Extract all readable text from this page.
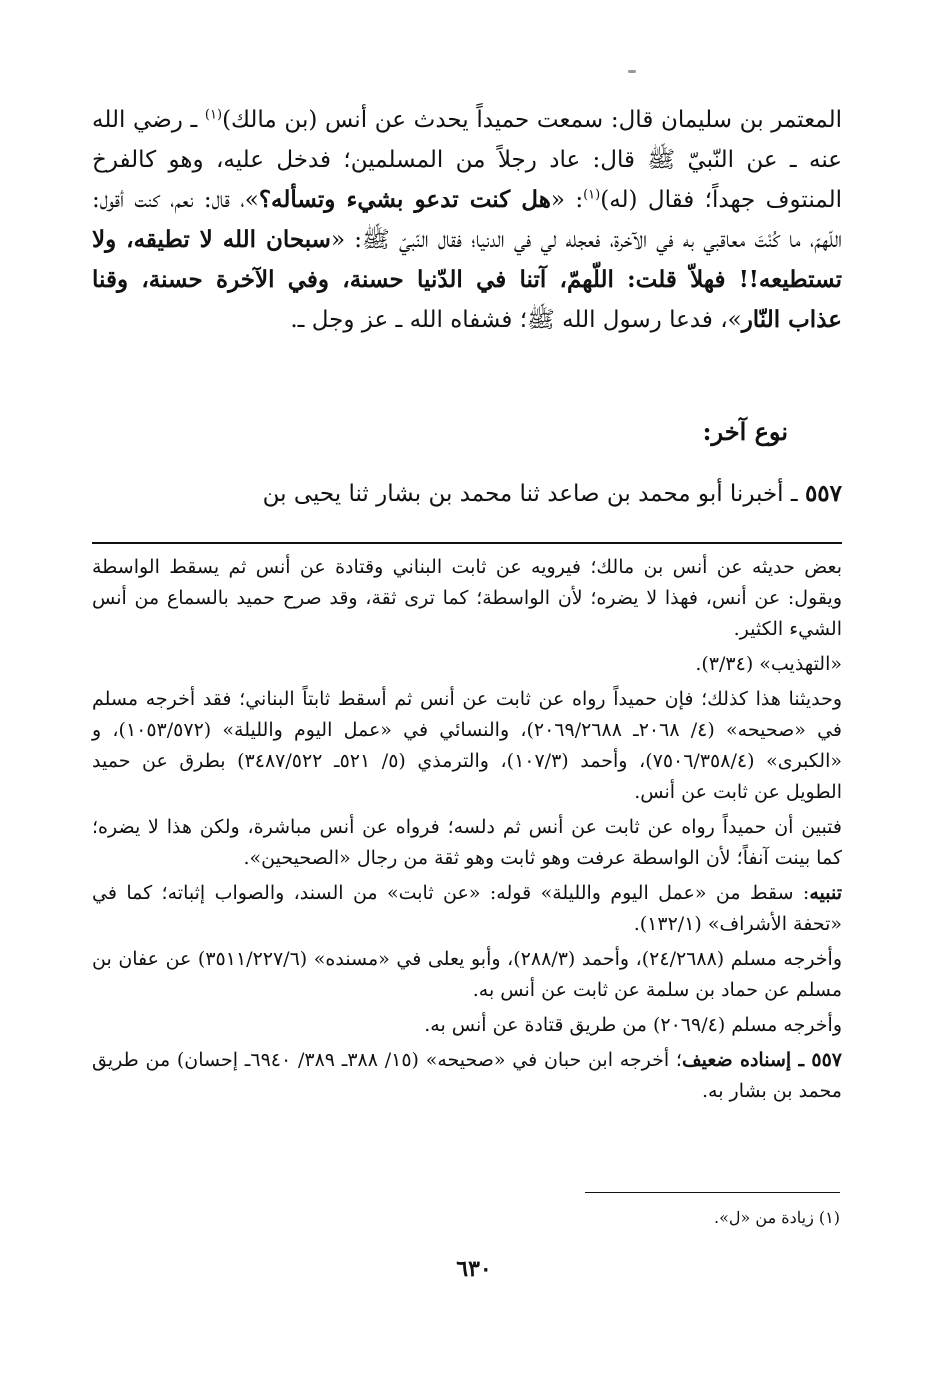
المعتمر بن سليمان قال: سمعت حميداً يحدث عن أنس (بن مالك)$^{(١)}$ ـ رضي الله عنه ـ عن النّبيّ ﷺ قال: عاد رجلاً من المسلمين؛ فدخل عليه، وهو كالفرخ المنتوف جهداً؛ فقال (له)$^{(١)}$: «هل كنت تدعو بشيء وتسأله؟»، قال: نعم، كنت أقول: اللّهمّ، ما كُنْتَ معاقبي به في الآخرة، فعجله لي في الدنيا؛ فقال النّبيّ ﷺ: «سبحان الله لا تطيقه، ولا تستطيعه!! فهلاّ قلت: اللّهمّ، آتنا في الدّنيا حسنة، وفي الآخرة حسنة، وقنا عذاب النّار»، فدعا رسول الله ﷺ؛ فشفاه الله ـ عز وجل ـ.

نوع آخر:

٥٥٧ ـ أخبرنا أبو محمد بن صاعد ثنا محمد بن بشار ثنا يحيى بن

بعض حديثه عن أنس بن مالك؛ فيرويه عن ثابت البناني وقتادة عن أنس ثم يسقط الواسطة ويقول: عن أنس، فهذا لا يضره؛ لأن الواسطة؛ كما ترى ثقة، وقد صرح حميد بالسماع من أنس الشيء الكثير.

«التهذيب» (٣/٣٤).

وحديثنا هذا كذلك؛ فإن حميداً رواه عن ثابت عن أنس ثم أسقط ثابتاً البناني؛ فقد أخرجه مسلم في «صحيحه» (٤/ ٢٠٦٨ـ ٢٠٦٩/٢٦٨٨)، والنسائي في «عمل اليوم والليلة» (١٠٥٣/٥٧٢)، و «الكبرى» (٧٥٠٦/٣٥٨/٤)، وأحمد (١٠٧/٣)، والترمذي (٥/ ٥٢١ـ ٣٤٨٧/٥٢٢) بطرق عن حميد الطويل عن ثابت عن أنس.

فتبين أن حميداً رواه عن ثابت عن أنس ثم دلسه؛ فرواه عن أنس مباشرة، ولكن هذا لا يضره؛ كما بينت آنفاً؛ لأن الواسطة عرفت وهو ثابت وهو ثقة من رجال «الصحيحين».

تنبيه: سقط من «عمل اليوم والليلة» قوله: «عن ثابت» من السند، والصواب إثباته؛ كما في «تحفة الأشراف» (١٣٢/١).

وأخرجه مسلم (٢٤/٢٦٨٨)، وأحمد (٢٨٨/٣)، وأبو يعلى في «مسنده» (٣٥١١/٢٢٧/٦) عن عفان بن مسلم عن حماد بن سلمة عن ثابت عن أنس به.

وأخرجه مسلم (٢٠٦٩/٤) من طريق قتادة عن أنس به.

٥٥٧ ـ إسناده ضعيف؛ أخرجه ابن حبان في «صحيحه» (١٥/ ٣٨٨ـ ٣٨٩/ ٦٩٤٠ـ إحسان) من طريق محمد بن بشار به.

(١) زيادة من «ل».
٦٣٠
